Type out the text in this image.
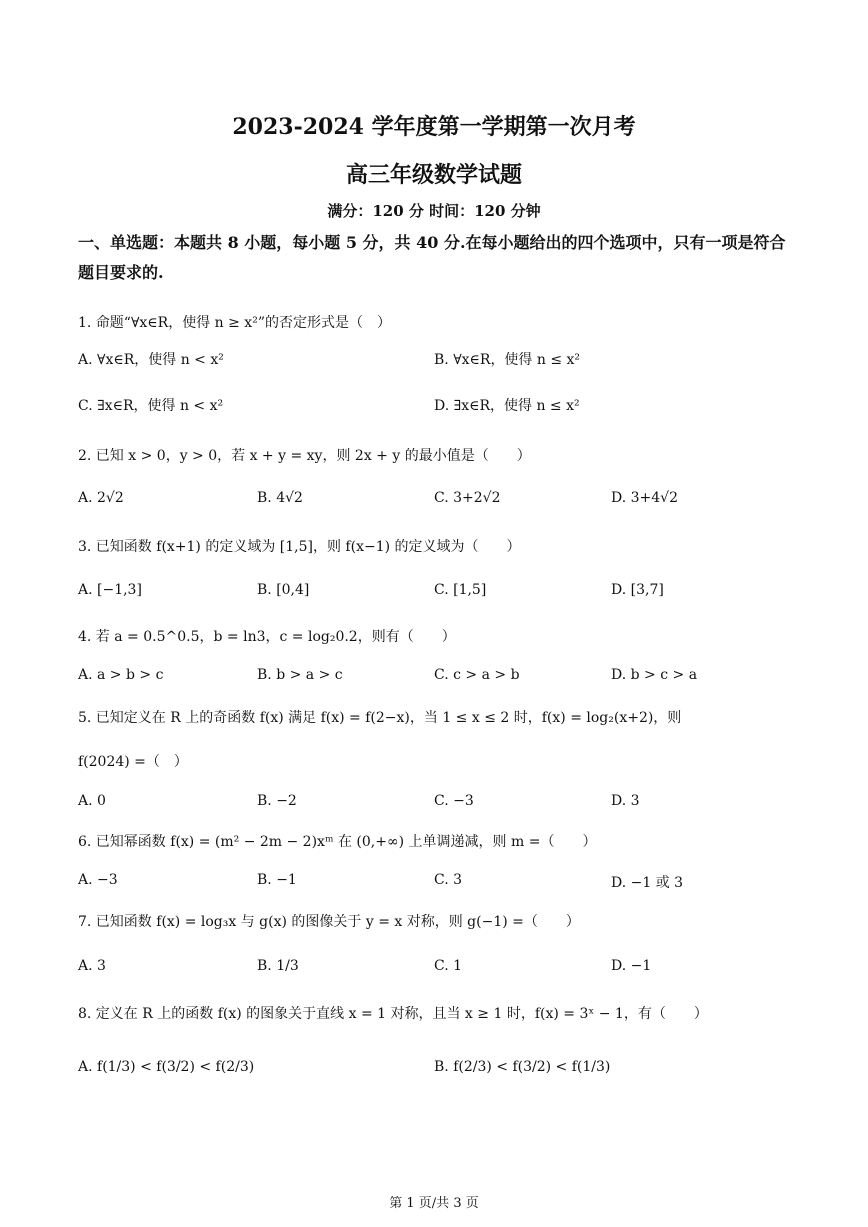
2023-2024 学年度第一学期第一次月考
高三年级数学试题
满分：120 分 时间：120 分钟
一、单选题：本题共 8 小题，每小题 5 分，共 40 分.在每小题给出的四个选项中，只有一项是符合题目要求的.
1. 命题“∀x∈R，使得 n ≥ x²”的否定形式是（　）
A. ∀x∈R，使得 n < x²	B. ∀x∈R，使得 n ≤ x²
C. ∃x∈R，使得 n < x²	D. ∃x∈R，使得 n ≤ x²
2. 已知 x > 0，y > 0，若 x + y = xy，则 2x + y 的最小值是（　　）
A. 2√2	B. 4√2	C. 3+2√2	D. 3+4√2
3. 已知函数 f(x+1) 的定义域为 [1,5]，则 f(x−1) 的定义域为（　　）
A. [−1,3]	B. [0,4]	C. [1,5]	D. [3,7]
4. 若 a = 0.5^0.5，b = ln3，c = log₂0.2，则有（　　）
A. a > b > c	B. b > a > c	C. c > a > b	D. b > c > a
5. 已知定义在 R 上的奇函数 f(x) 满足 f(x) = f(2−x)，当 1 ≤ x ≤ 2 时，f(x) = log₂(x+2)，则
f(2024) =（　）
A. 0	B. −2	C. −3	D. 3
6. 已知幂函数 f(x) = (m² − 2m − 2)xᵐ 在 (0,+∞) 上单调递减，则 m =（　　）
A. −3	B. −1	C. 3	D. −1 或 3
7. 已知函数 f(x) = log₃x 与 g(x) 的图像关于 y = x 对称，则 g(−1) =（　　）
A. 3	B. 1/3	C. 1	D. −1
8. 定义在 R 上的函数 f(x) 的图象关于直线 x = 1 对称，且当 x ≥ 1 时，f(x) = 3ˣ − 1，有（　　）
A. f(1/3) < f(3/2) < f(2/3)	B. f(2/3) < f(3/2) < f(1/3)
第 1 页/共 3 页
